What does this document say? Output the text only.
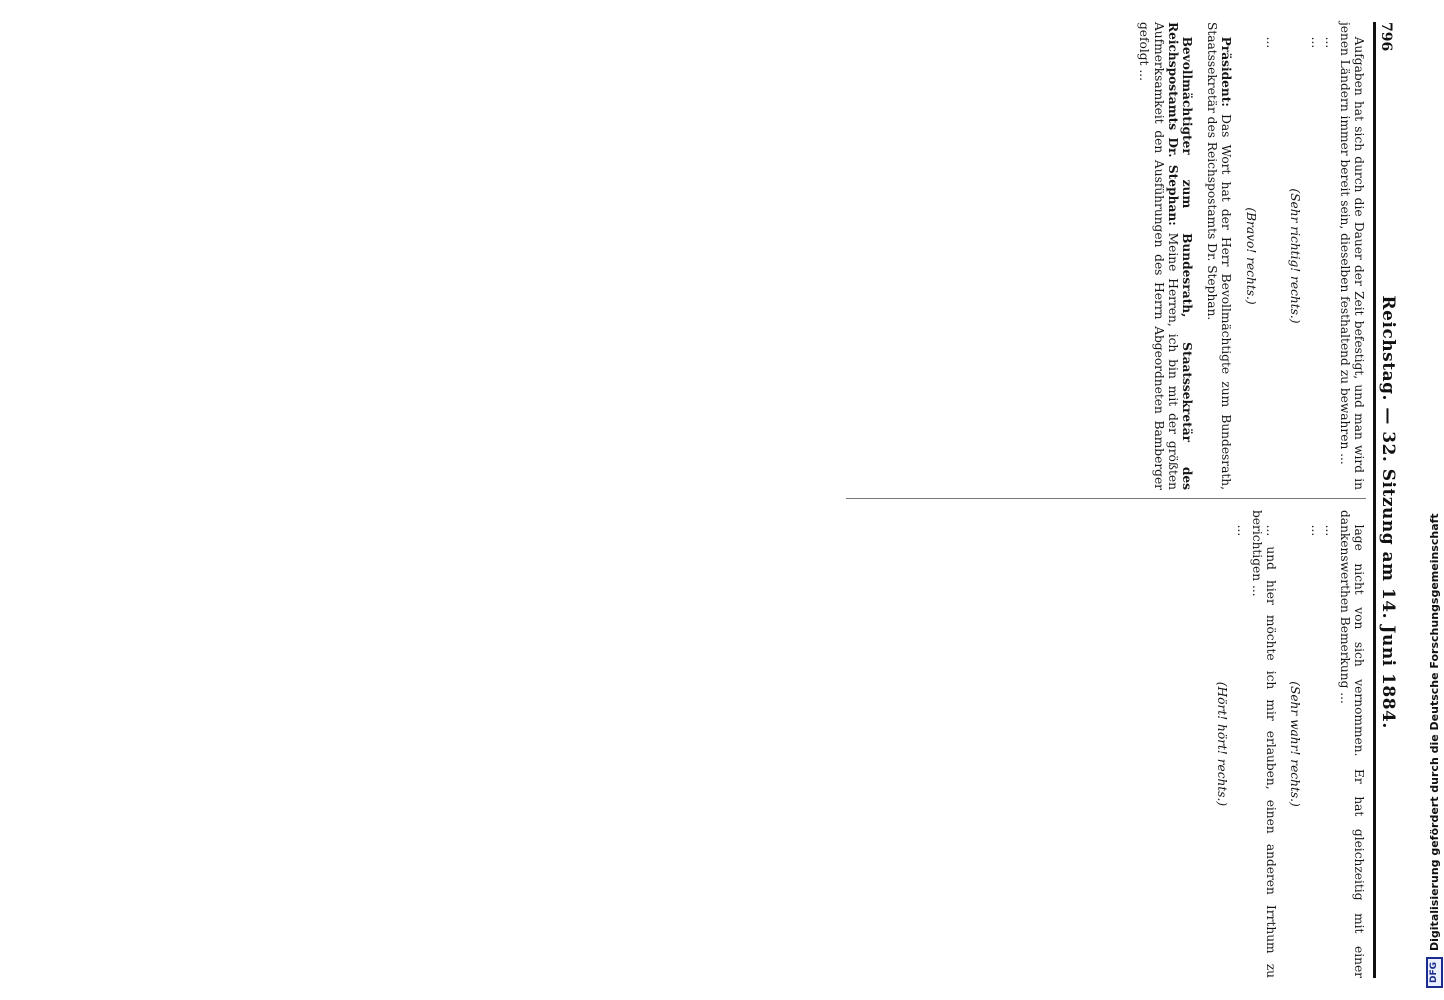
796
Reichstag. — 32. Sitzung am 14. Juni 1884.

Aufgaben hat sich durch die Dauer der Zeit befestigt, und man wird in jenen Ländern immer bereit sein, dieselben festhaltend zu bewahren ...

...

...

(Sehr richtig! rechts.)

...

(Bravo! rechts.)

Präsident: Das Wort hat der Herr Bevollmächtigte zum Bundesrath, Staatssekretär des Reichspostamts Dr. Stephan.

Bevollmächtigter zum Bundesrath, Staatssekretär des Reichspostamts Dr. Stephan: Meine Herren, ich bin mit der größten Aufmerksamkeit den Ausführungen des Herrn Abgeordneten Bamberger gefolgt ...

lage nicht von sich vernommen. Er hat gleichzeitig mit einer dankenswerthen Bemerkung ...

...

...

(Sehr wahr! rechts.)

... und hier möchte ich mir erlauben, einen anderen Irrthum zu berichtigen ...

...

(Hört! hört! rechts.)
DFG
Digitalisierung gefördert durch die Deutsche Forschungsgemeinschaft
